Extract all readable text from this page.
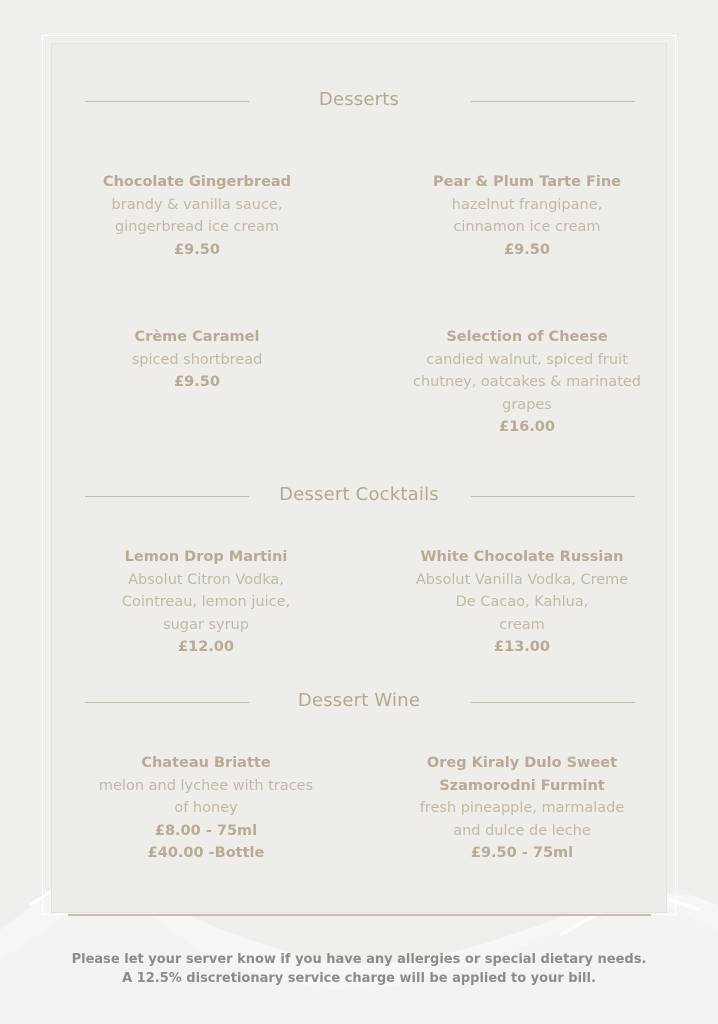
Desserts
Chocolate Gingerbread
brandy & vanilla sauce,
gingerbread ice cream
£9.50
Pear & Plum Tarte Fine
hazelnut frangipane,
cinnamon ice cream
£9.50
Crème Caramel
spiced shortbread
£9.50
Selection of Cheese
candied walnut, spiced fruit
chutney, oatcakes & marinated
grapes
£16.00
Dessert Cocktails
Lemon Drop Martini
Absolut Citron Vodka,
Cointreau, lemon juice,
sugar syrup
£12.00
White Chocolate Russian
Absolut Vanilla Vodka, Creme
De Cacao, Kahlua,
cream
£13.00
Dessert Wine
Chateau Briatte
melon and lychee with traces
of honey
£8.00 - 75ml
£40.00 -Bottle
Oreg Kiraly Dulo Sweet Szamorodni Furmint
fresh pineapple, marmalade
and dulce de leche
£9.50 - 75ml
Please let your server know if you have any allergies or special dietary needs.
A 12.5% discretionary service charge will be applied to your bill.
